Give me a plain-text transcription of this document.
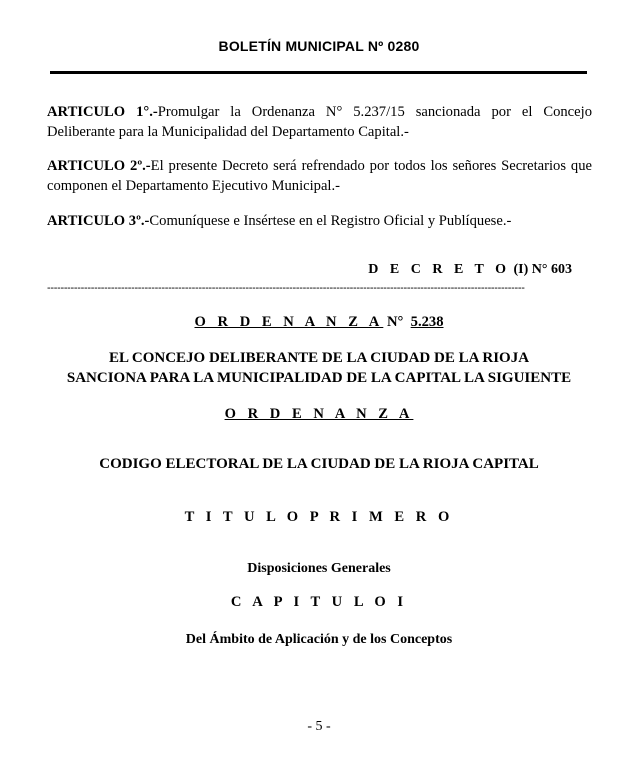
BOLETÍN MUNICIPAL Nº 0280
ARTICULO 1°.-Promulgar la Ordenanza N° 5.237/15 sancionada por el Concejo Deliberante para la Municipalidad del Departamento Capital.-
ARTICULO 2º.-El presente Decreto será refrendado por todos los señores Secretarios que componen el Departamento Ejecutivo Municipal.-
ARTICULO 3º.-Comuníquese e Insértese en el Registro Oficial y Publíquese.-
D E C R E T O (I) N° 603
----------------------------------------------------------------------------------------------------------------------------------------------
O R D E N A N Z A N° 5.238
EL CONCEJO DELIBERANTE DE LA CIUDAD DE LA RIOJA
SANCIONA PARA LA MUNICIPALIDAD DE LA CAPITAL LA SIGUIENTE
O R D E N A N Z A
CODIGO ELECTORAL DE LA CIUDAD DE LA RIOJA CAPITAL
T I T U L O P R I M E R O
Disposiciones Generales
C A P I T U L O I
Del Ámbito de Aplicación y de los Conceptos
- 5 -
